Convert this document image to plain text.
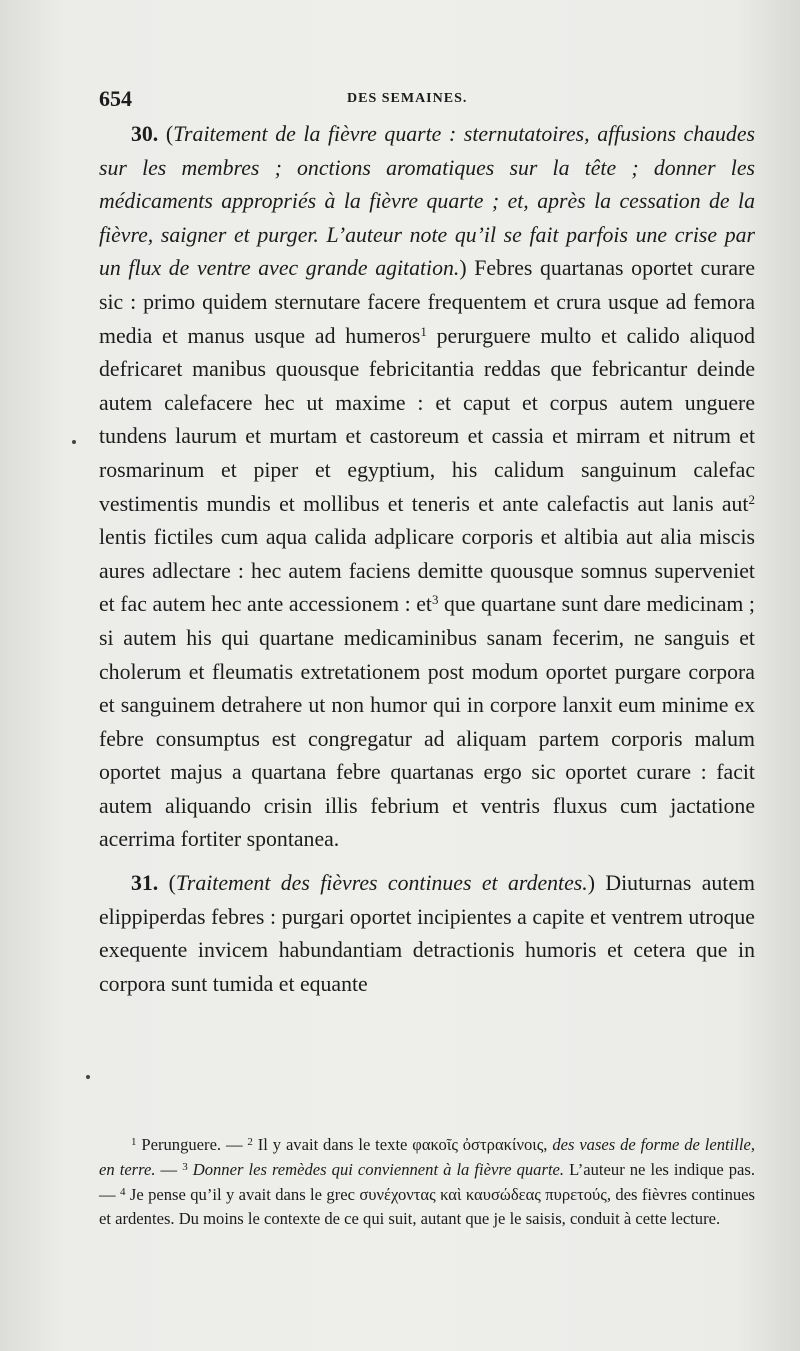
654	DES SEMAINES.

30. (Traitement de la fièvre quarte : sternutatoires, affusions chaudes sur les membres ; onctions aromatiques sur la tête ; donner les médicaments appropriés à la fièvre quarte ; et, après la cessation de la fièvre, saigner et purger. L’auteur note qu’il se fait parfois une crise par un flux de ventre avec grande agitation.) Febres quartanas oportet curare sic : primo quidem sternutare facere frequentem et crura usque ad femora media et manus usque ad humeros$^1$ perurguere multo et calido aliquod defricaret manibus quousque febricitantia reddas que febricantur deinde autem calefacere hec ut maxime : et caput et corpus autem unguere tundens laurum et murtam et castoreum et cassia et mirram et nitrum et rosmarinum et piper et egyptium, his calidum sanguinum calefac vestimentis mundis et mollibus et teneris et ante calefactis aut lanis aut$^2$ lentis fictiles cum aqua calida adplicare corporis et altibia aut alia miscis aures adlectare : hec autem faciens demitte quousque somnus superveniet et fac autem hec ante accessionem : $et^3$ que quartane sunt dare medicinam ; si autem his qui quartane medicaminibus sanam fecerim, ne sanguis et cholerum et fleumatis extretationem post modum oportet purgare corpora et sanguinem detrahere ut non humor qui in corpore lanxit eum minime ex febre consumptus est congregatur ad aliquam partem corporis malum oportet majus a quartana febre quartanas ergo sic oportet curare : facit autem aliquando crisin illis febrium et ventris fluxus cum jactatione acerrima fortiter spontanea.

31. (Traitement des fièvres continues et ardentes.) Diuturnas autem elippiperdas febres : purgari oportet incipientes a capite et ventrem utroque exequente invicem habundantiam detractionis humoris et cetera que in corpora sunt tumida et equante

$^1$ Perunguere. — $^2$ Il y avait dans le texte φακοῖς ὀστρακίνοις, des vases de forme de lentille, en terre. — $^3$ Donner les remèdes qui conviennent à la fièvre quarte. L’auteur ne les indique pas. — $^4$ Je pense qu’il y avait dans le grec συνέχοντας καὶ καυσώδεας πυρετούς, des fièvres continues et ardentes. Du moins le contexte de ce qui suit, autant que je le saisis, conduit à cette lecture.
